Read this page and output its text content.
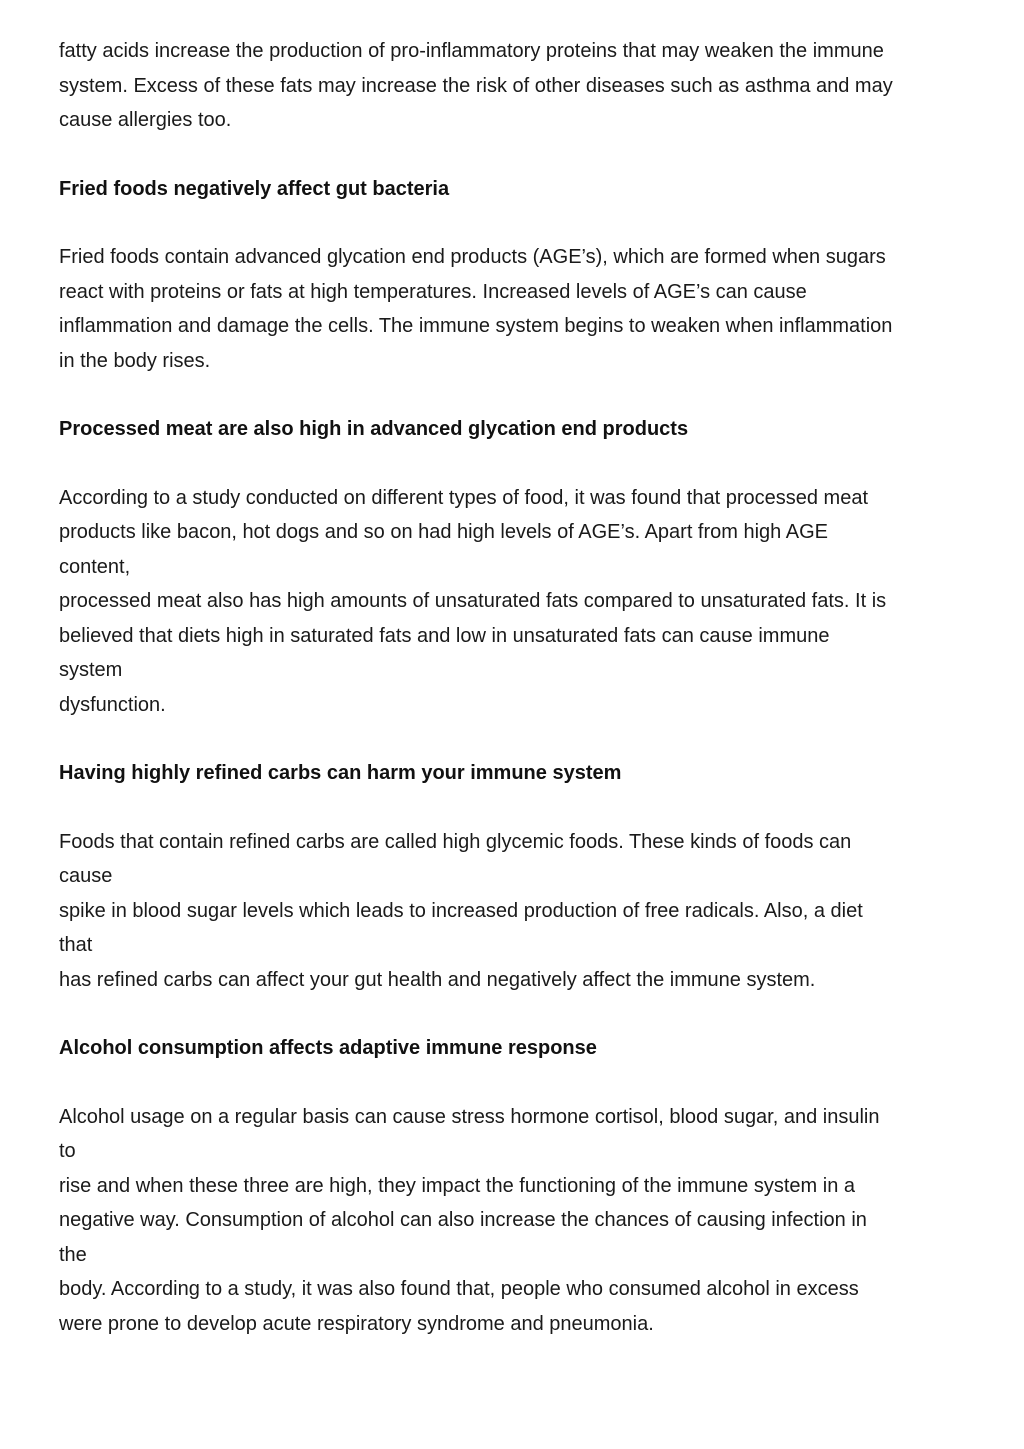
fatty acids increase the production of pro-inflammatory proteins that may weaken the immune
system. Excess of these fats may increase the risk of other diseases such as asthma and may
cause allergies too.
Fried foods negatively affect gut bacteria
Fried foods contain advanced glycation end products (AGE’s), which are formed when sugars
react with proteins or fats at high temperatures. Increased levels of AGE’s can cause
inflammation and damage the cells. The immune system begins to weaken when inflammation
in the body rises.
Processed meat are also high in advanced glycation end products
According to a study conducted on different types of food, it was found that processed meat
products like bacon, hot dogs and so on had high levels of AGE’s. Apart from high AGE
content,
processed meat also has high amounts of unsaturated fats compared to unsaturated fats. It is
believed that diets high in saturated fats and low in unsaturated fats can cause immune
system
dysfunction.
Having highly refined carbs can harm your immune system
Foods that contain refined carbs are called high glycemic foods. These kinds of foods can
cause
spike in blood sugar levels which leads to increased production of free radicals. Also, a diet
that
has refined carbs can affect your gut health and negatively affect the immune system.
Alcohol consumption affects adaptive immune response
Alcohol usage on a regular basis can cause stress hormone cortisol, blood sugar, and insulin
to
rise and when these three are high, they impact the functioning of the immune system in a
negative way. Consumption of alcohol can also increase the chances of causing infection in
the
body. According to a study, it was also found that, people who consumed alcohol in excess
were prone to develop acute respiratory syndrome and pneumonia.
